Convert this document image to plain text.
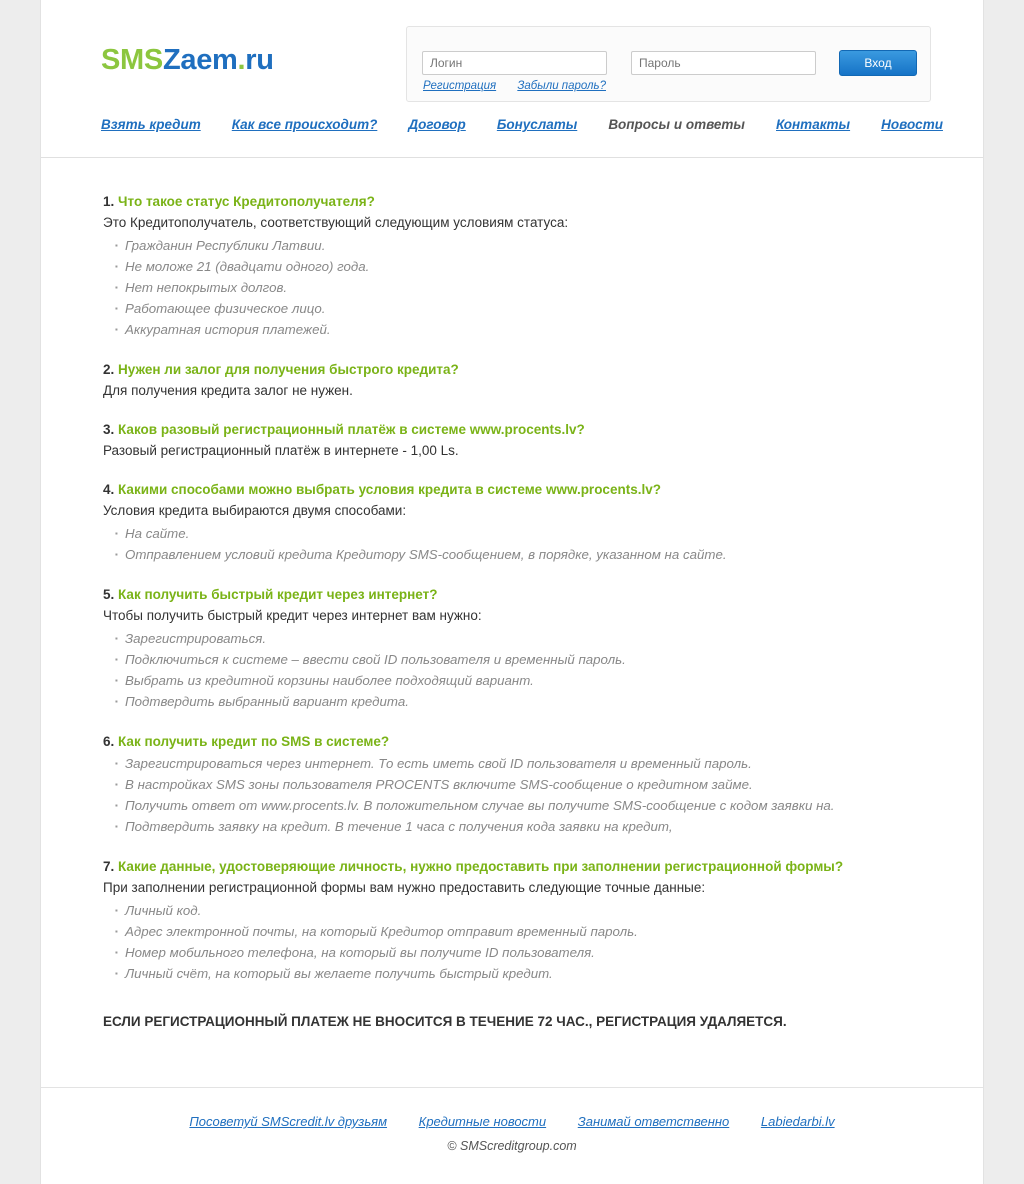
SMSZaem.ru
Логин
Пароль	Вход
Регистрация Забыли пароль?
Взять кредит Как все происходит? Договор Бонуслаты Вопросы и ответы Контакты Новости
1. Что такое статус Кредитополучателя?

Это Кредитополучатель, соответствующий следующим условиям статуса:

▪ Гражданин Республики Латвии.
▪ Не моложе 21 (двадцати одного) года.
▪ Нет непокрытых долгов.
▪ Работающее физическое лицо.
▪ Аккуратная история платежей.
2. Нужен ли залог для получения быстрого кредита?

Для получения кредита залог не нужен.

3. Каков разовый регистрационный платёж в системе www.procents.lv?

Разовый регистрационный платёж в интернете - 1,00 Ls.

4. Какими способами можно выбрать условия кредита в системе www.procents.lv?

Условия кредита выбираются двумя способами:

▪ На сайте.
▪ Отправлением условий кредита Кредитору SMS-сообщением, в порядке, указанном на сайте.
5. Как получить быстрый кредит через интернет?

Чтобы получить быстрый кредит через интернет вам нужно:

▪ Зарегистрироваться.
▪ Подключиться к системе – ввести свой ID пользователя и временный пароль.
▪ Выбрать из кредитной корзины наиболее подходящий вариант.
▪ Подтвердить выбранный вариант кредита.
6. Как получить кредит по SMS в системе?
▪ Зарегистрироваться через интернет. То есть иметь свой ID пользователя и временный пароль.
▪ В настройках SMS зоны пользователя PROCENTS включите SMS-сообщение о кредитном займе.
▪ Получить ответ от www.procents.lv. В положительном случае вы получите SMS-сообщение с кодом заявки на.
▪ Подтвердить заявку на кредит. В течение 1 часа с получения кода заявки на кредит,
7. Какие данные, удостоверяющие личность, нужно предоставить при заполнении регистрационной формы?

При заполнении регистрационной формы вам нужно предоставить следующие точные данные:

▪ Личный код.
▪ Адрес электронной почты, на который Кредитор отправит временный пароль.
▪ Номер мобильного телефона, на который вы получите ID пользователя.
▪ Личный счёт, на который вы желаете получить быстрый кредит.
ЕСЛИ РЕГИСТРАЦИОННЫЙ ПЛАТЕЖ НЕ ВНОСИТСЯ В ТЕЧЕНИЕ 72 ЧАС., РЕГИСТРАЦИЯ УДАЛЯЕТСЯ.
Посоветуй SMScredit.lv друзьям Кредитные новости Занимай ответственно Labiedarbi.lv
© SMScreditgroup.com
